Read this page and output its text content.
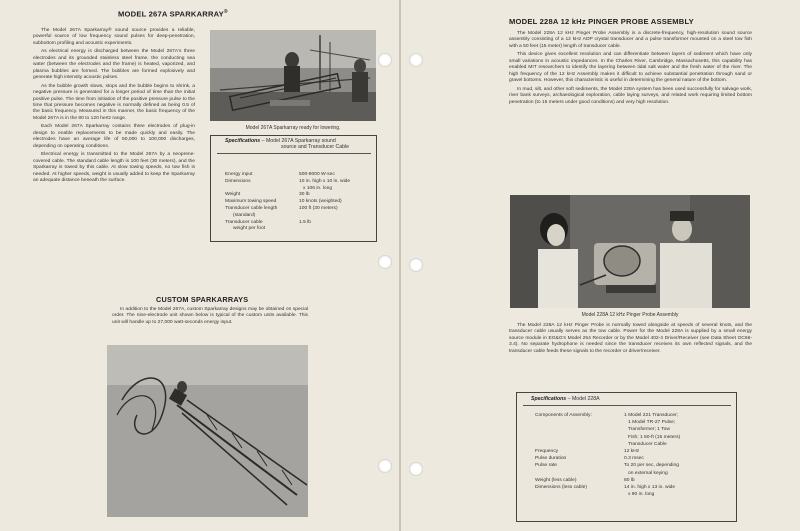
MODEL 267A SPARKARRAY®

The Model 267A Sparkarray® sound source provides a reliable, powerful source of low frequency sound pulses for deep-penetration, subbottom profiling and acoustic experiments.

As electrical energy is discharged between the Model 267A's three electrodes and its grounded stainless steel frame, the conducting sea water (between the electrodes and the frame) is heated, vaporized, and plasma bubbles are formed. The bubbles are formed explosively and generate high intensity acoustic pulses.

As the bubble growth slows, stops and the bubble begins to shrink, a negative pressure is generated for a longer period of time than the initial positive pulse. The time from initiation of the positive pressure pulse to the time that pressure becomes negative is normally defined as being 0.5 of the basic frequency. Measured in this manner, the basic frequency of the Model 267A is in the 80 to 120 hertz range.

Each Model 267A Sparkarray contains three electrodes of plug-in design to enable replacements to be made quickly and easily. The electrodes have an average life of 50,000 to 100,000 discharges, depending on operating conditions.

Electrical energy is transmitted to the Model 267A by a neoprene-covered cable. The standard cable length is 100 feet (30 meters), and the Sparkarray is towed by this cable. At slow towing speeds, no tow fish is needed. At higher speeds, weight is usually added to keep the Sparkarray an adequate distance beneath the surface.

Model 267A Sparkarray ready for lowering.
Specifications – Model 267A Sparkarray sound
source and Transducer Cable
Energy input	500-8000 W-sec
Dimensions	10 in. high x 10 in. wide
x 106 in. long
Weight	30 lb
Maximum towing speed	10 knots (weighted)
Transducer cable length	100 ft (30 meters)
(standard)
Transducer cable	1.5 lb
weight per foot
CUSTOM SPARKARRAYS

In addition to the Model 267A, custom Sparkarray designs may be obtained on special order. The nine-electrode unit shown below is typical of the custom units available. This unit will handle up to 27,000 watt-seconds energy input.

MODEL 228A 12 kHz PINGER PROBE ASSEMBLY

The Model 228A 12 kHz Pinger Probe Assembly is a discrete-frequency, high-resolution sound source assembly consisting of a 12 kHz ADP crystal transducer and a pulse transformer mounted on a steel tow fish with a 50 feet (15 meter) length of transducer cable.

This device gives excellent resolution and can differentiate between layers of sediment which have only small variations in acoustic impedances. In the Charles River, Cambridge, Massachusetts, this capability has enabled MIT researchers to identify the layering between tidal salt water and the fresh water of the river. The high frequency of the 12 kHz Assembly makes it difficult to achieve substantial penetration through sand or gravel bottoms. However, this characteristic is useful in determining the general nature of the bottom.

In mud, silt, and other soft sediments, the Model 228A system has been used successfully for salvage work, river bank surveys, archaeological exploration, cable laying surveys, and related work requiring limited bottom penetration (to 15 meters under good conditions) and very high resolution.

Model 228A 12 kHz Pinger Probe Assembly

The Model 228A 12 kHz Pinger Probe is normally towed alongside at speeds of several knots, and the transducer cable usually serves as the tow cable. Power for the Model 228A is supplied by a small energy source module in EG&G's Model 254 Recorder or by the Model 402-4 Driver/Receiver (see Data Sheet OC66-3.4). No separate hydrophone is needed since the transducer receives its own reflected signals, and the transducer cable feeds these signals to the recorder or driver/receiver.

Specifications – Model 228A
Components of Assembly:	1 Model 221 Transducer;
1 Model TR-27 Pulse;
Transformer; 1 Tow
Fish; 1 50-ft (15 meters)
Transducer Cable
Frequency	12 kHz
Pulse duration	0.3 msec
Pulse rate	To 20 per sec, depending
on external keying
Weight (less cable)	80 lb
Dimensions (less cable)	14 in. high x 13 in. wide
x 90 in. long
